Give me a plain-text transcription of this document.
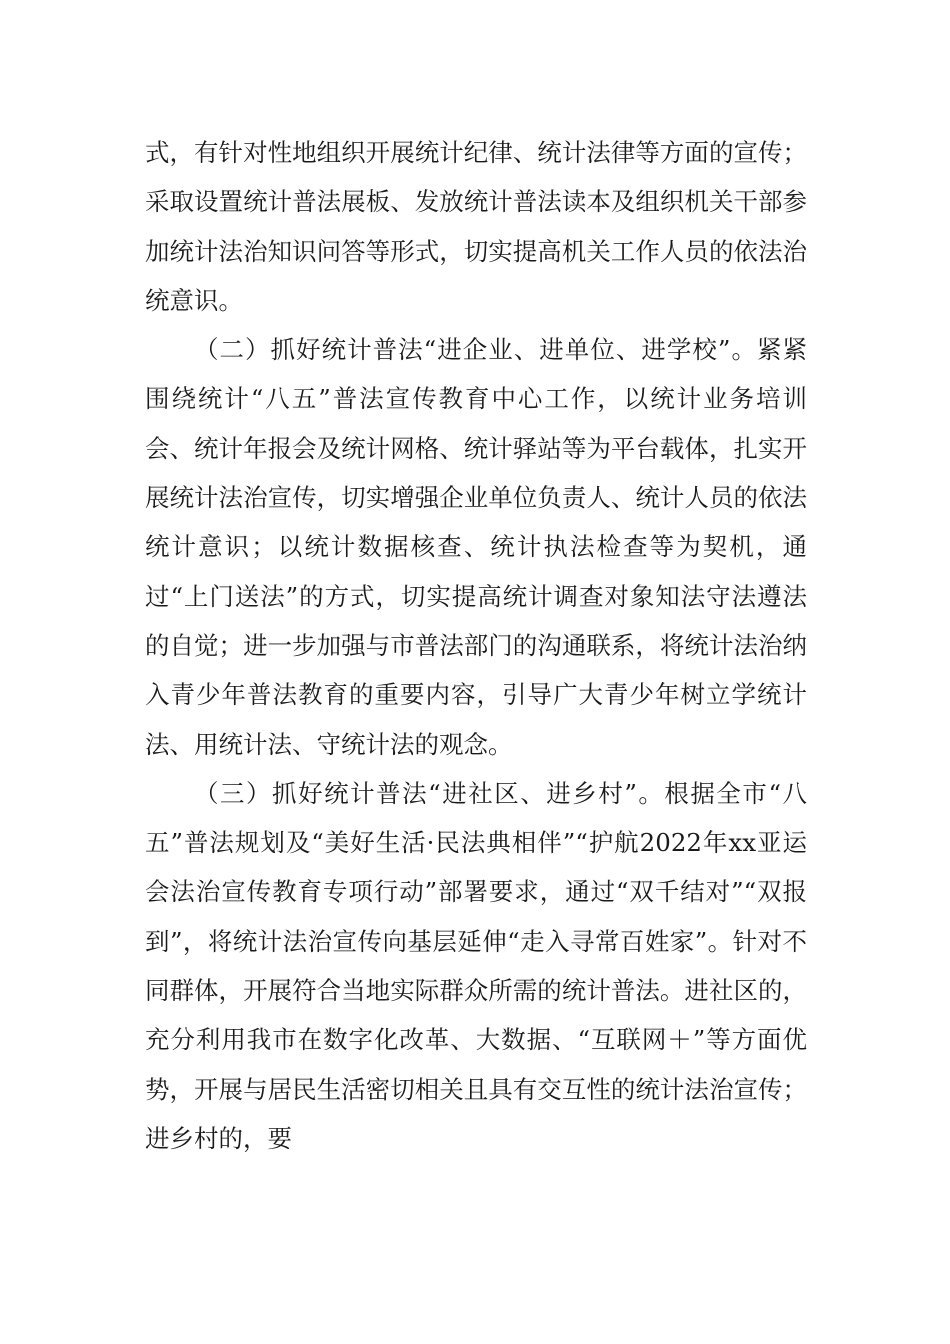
式，有针对性地组织开展统计纪律、统计法律等方面的宣传；采取设置统计普法展板、发放统计普法读本及组织机关干部参加统计法治知识问答等形式，切实提高机关工作人员的依法治统意识。

（二）抓好统计普法“进企业、进单位、进学校”。紧紧围绕统计“八五”普法宣传教育中心工作，以统计业务培训会、统计年报会及统计网格、统计驿站等为平台载体，扎实开展统计法治宣传，切实增强企业单位负责人、统计人员的依法统计意识；以统计数据核查、统计执法检查等为契机，通过“上门送法”的方式，切实提高统计调查对象知法守法遵法的自觉；进一步加强与市普法部门的沟通联系，将统计法治纳入青少年普法教育的重要内容，引导广大青少年树立学统计法、用统计法、守统计法的观念。

（三）抓好统计普法“进社区、进乡村”。根据全市“八五”普法规划及“美好生活·民法典相伴”“护航2022年xx亚运会法治宣传教育专项行动”部署要求，通过“双千结对”“双报到”，将统计法治宣传向基层延伸“走入寻常百姓家”。针对不同群体，开展符合当地实际群众所需的统计普法。进社区的，充分利用我市在数字化改革、大数据、“互联网＋”等方面优势，开展与居民生活密切相关且具有交互性的统计法治宣传；进乡村的，要
